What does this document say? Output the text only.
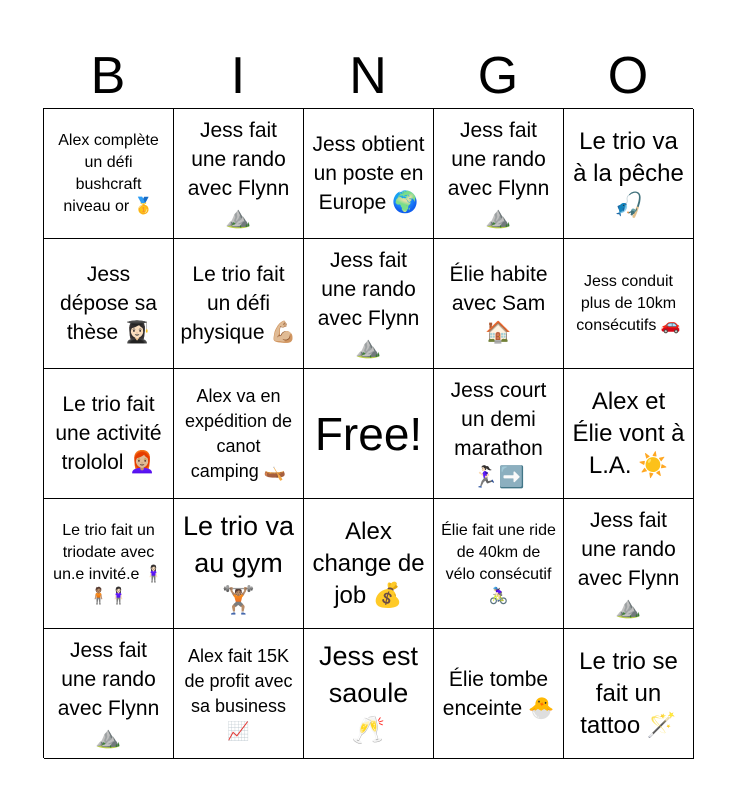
B	I	N	G	O
Alex complète un défi bushcraft niveau or 🥇
Jess fait une rando avec Flynn ⛰️
Jess obtient un poste en Europe 🌍
Jess fait une rando avec Flynn ⛰️
Le trio va à la pêche 🎣
Jess dépose sa thèse 👩🏻‍🎓
Le trio fait un défi physique 💪🏼
Jess fait une rando avec Flynn ⛰️
Élie habite avec Sam 🏠
Jess conduit plus de 10km consécutifs 🚗
Le trio fait une activité trololol 👩🏼‍🦰
Alex va en expédition de canot camping 🛶
Free!
Jess court un demi marathon 🏃🏻‍♀️➡️
Alex et Élie vont à L.A. ☀️
Le trio fait un triodate avec un.e invité.e 🧍🏻‍♀️🧍🏽🧍🏻‍♀️
Le trio va au gym 🏋🏽
Alex change de job 💰
Élie fait une ride de 40km de vélo consécutif 🚴🏻‍♀️
Jess fait une rando avec Flynn ⛰️
Jess fait une rando avec Flynn ⛰️
Alex fait 15K de profit avec sa business 📈
Jess est saoule 🥂
Élie tombe enceinte 🐣
Le trio se fait un tattoo 🪄
